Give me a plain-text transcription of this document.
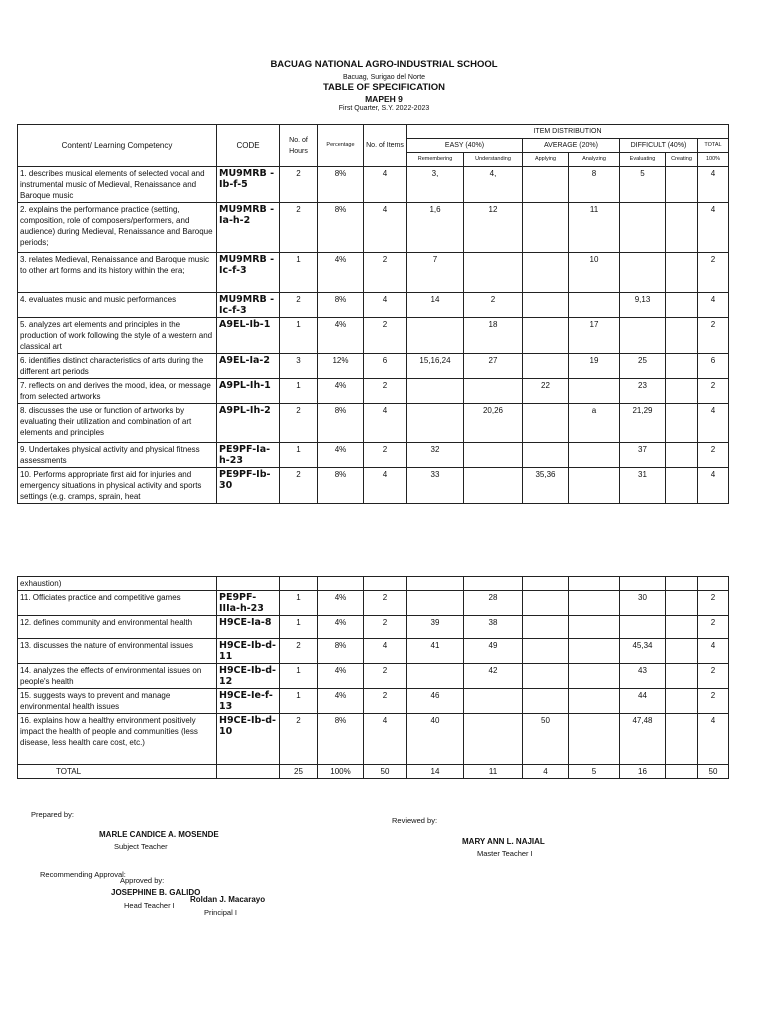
BACUAG NATIONAL AGRO-INDUSTRIAL SCHOOL
Bacuag, Surigao del Norte
TABLE OF SPECIFICATION
MAPEH 9
First Quarter, S.Y. 2022-2023
Content/ Learning Competency	CODE	No. of Hours	Percentage	No. of Items	ITEM DISTRIBUTION						
					EASY (40%)		AVERAGE (20%)		DIFFICULT (40%)		TOTAL
					Remembering	Understanding	Applying	Analyzing	Evaluating	Creating	100%
1. describes musical elements of selected vocal and instrumental music of Medieval, Renaissance and Baroque music	MU9MRB -Ib-f-5	2	8%	4	3,	4,		8	5		4
2. explains the performance practice (setting, composition, role of composers/performers, and audience) during Medieval, Renaissance and Baroque periods;	MU9MRB -Ia-h-2	2	8%	4	1,6	12		11			4
3. relates Medieval, Renaissance and Baroque music to other art forms and its history within the era;	MU9MRB -Ic-f-3	1	4%	2	7			10			2
4. evaluates music and music performances	MU9MRB -Ic-f-3	2	8%	4	14	2			9,13		4
5. analyzes art elements and principles in the production of work following the style of a western and classical art	A9EL-Ib-1	1	4%	2		18		17			2
6. identifies distinct characteristics of arts during the different art periods	A9EL-Ia-2	3	12%	6	15,16,24	27		19	25		6
7. reflects on and derives the mood, idea, or message from selected artworks	A9PL-Ih-1	1	4%	2			22		23		2
8. discusses the use or function of artworks by evaluating their utilization and combination of art elements and principles	A9PL-Ih-2	2	8%	4		20,26		a	21,29		4
9. Undertakes physical activity and physical fitness assessments	PE9PF-Ia-h-23	1	4%	2	32				37		2
10. Performs appropriate first aid for injuries and emergency situations in physical activity and sports settings (e.g. cramps, sprain, heat	PE9PF-Ib-30	2	8%	4	33		35,36		31		4
exhaustion)											
11. Officiates practice and competitive games	PE9PF-IIIa-h-23	1	4%	2		28			30		2
12. defines community and environmental health	H9CE-Ia-8	1	4%	2	39	38					2
13. discusses the nature of environmental issues	H9CE-Ib-d-11	2	8%	4	41	49			45,34		4
14. analyzes the effects of environmental issues on people's health	H9CE-Ib-d-12	1	4%	2		42			43		2
15. suggests ways to prevent and manage environmental health issues	H9CE-Ie-f-13	1	4%	2	46				44		2
16. explains how a healthy environment positively impact the health of people and communities (less disease, less health care cost, etc.)	H9CE-Ib-d-10	2	8%	4	40		50		47,48		4
TOTAL		25	100%	50	14	11	4	5	16		50
Prepared by:
MARLE CANDICE A. MOSENDE
Subject Teacher
Reviewed by:
MARY ANN L. NAJIAL
Master Teacher I
Recommending Approval:
Approved by:
JOSEPHINE B. GALIDO
Head Teacher I
Roldan J. Macarayo
Principal I
